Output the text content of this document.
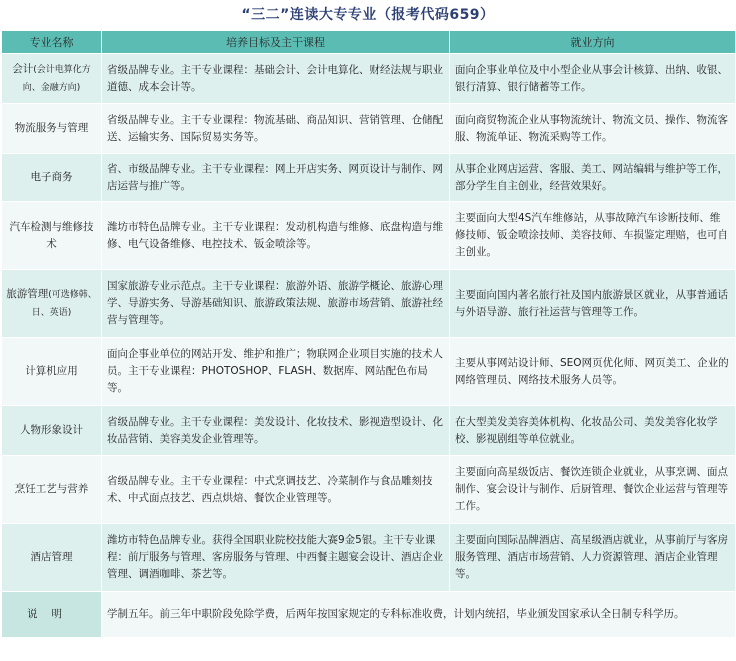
“三二”连读大专专业（报考代码659）
专业名称	培养目标及主干课程	就业方向
会计(会计电算化方向、金融方向)	省级品牌专业。主干专业课程：基础会计、会计电算化、财经法规与职业道德、成本会计等。	面向企事业单位及中小型企业从事会计核算、出纳、收银、银行清算、银行储蓄等工作。
物流服务与管理	省级品牌专业。主干专业课程：物流基础、商品知识、营销管理、仓储配送、运输实务、国际贸易实务等。	面向商贸物流企业从事物流统计、物流文员、操作、物流客服、物流单证、物流采购等工作。
电子商务	省、市级品牌专业。主干专业课程：网上开店实务、网页设计与制作、网店运营与推广等。	从事企业网店运营、客服、美工、网站编辑与维护等工作，部分学生自主创业，经营效果好。
汽车检测与维修技术	潍坊市特色品牌专业。主干专业课程：发动机构造与维修、底盘构造与维修、电气设备维修、电控技术、钣金喷涂等。	主要面向大型4S汽车维修站，从事故障汽车诊断技师、维修技师、钣金喷涂技师、美容技师、车损鉴定理赔，也可自主创业。
旅游管理(可选修韩、日、英语)	国家旅游专业示范点。主干专业课程：旅游外语、旅游学概论、旅游心理学、导游实务、导游基础知识、旅游政策法规、旅游市场营销、旅游社经营与管理等。	主要面向国内著名旅行社及国内旅游景区就业，从事普通话与外语导游、旅行社运营与管理等工作。
计算机应用	面向企事业单位的网站开发、维护和推广；物联网企业项目实施的技术人员。主干专业课程：PHOTOSHOP、FLASH、数据库、网站配色布局等。	主要从事网站设计师、SEO网页优化师、网页美工、企业的网络管理员、网络技术服务人员等。
人物形象设计	省级品牌专业。主干专业课程：美发设计、化妆技术、影视造型设计、化妆品营销、美容美发企业管理等。	在大型美发美容美体机构、化妆品公司、美发美容化妆学校、影视剧组等单位就业。
烹饪工艺与营养	省级品牌专业。主干专业课程：中式烹调技艺、冷菜制作与食品雕刻技术、中式面点技艺、西点烘焙、餐饮企业管理等。	主要面向高星级饭店、餐饮连锁企业就业，从事烹调、面点制作、宴会设计与制作、后厨管理、餐饮企业运营与管理等工作。
酒店管理	潍坊市特色品牌专业。获得全国职业院校技能大赛9金5银。主干专业课程：前厅服务与管理、客房服务与管理、中西餐主题宴会设计、酒店企业管理、调酒咖啡、茶艺等。	主要面向国际品牌酒店、高星级酒店就业，从事前厅与客房服务管理、酒店市场营销、人力资源管理、酒店企业管理等。
说明	学制五年。前三年中职阶段免除学费，后两年按国家规定的专科标准收费，计划内统招，毕业颁发国家承认全日制专科学历。	
